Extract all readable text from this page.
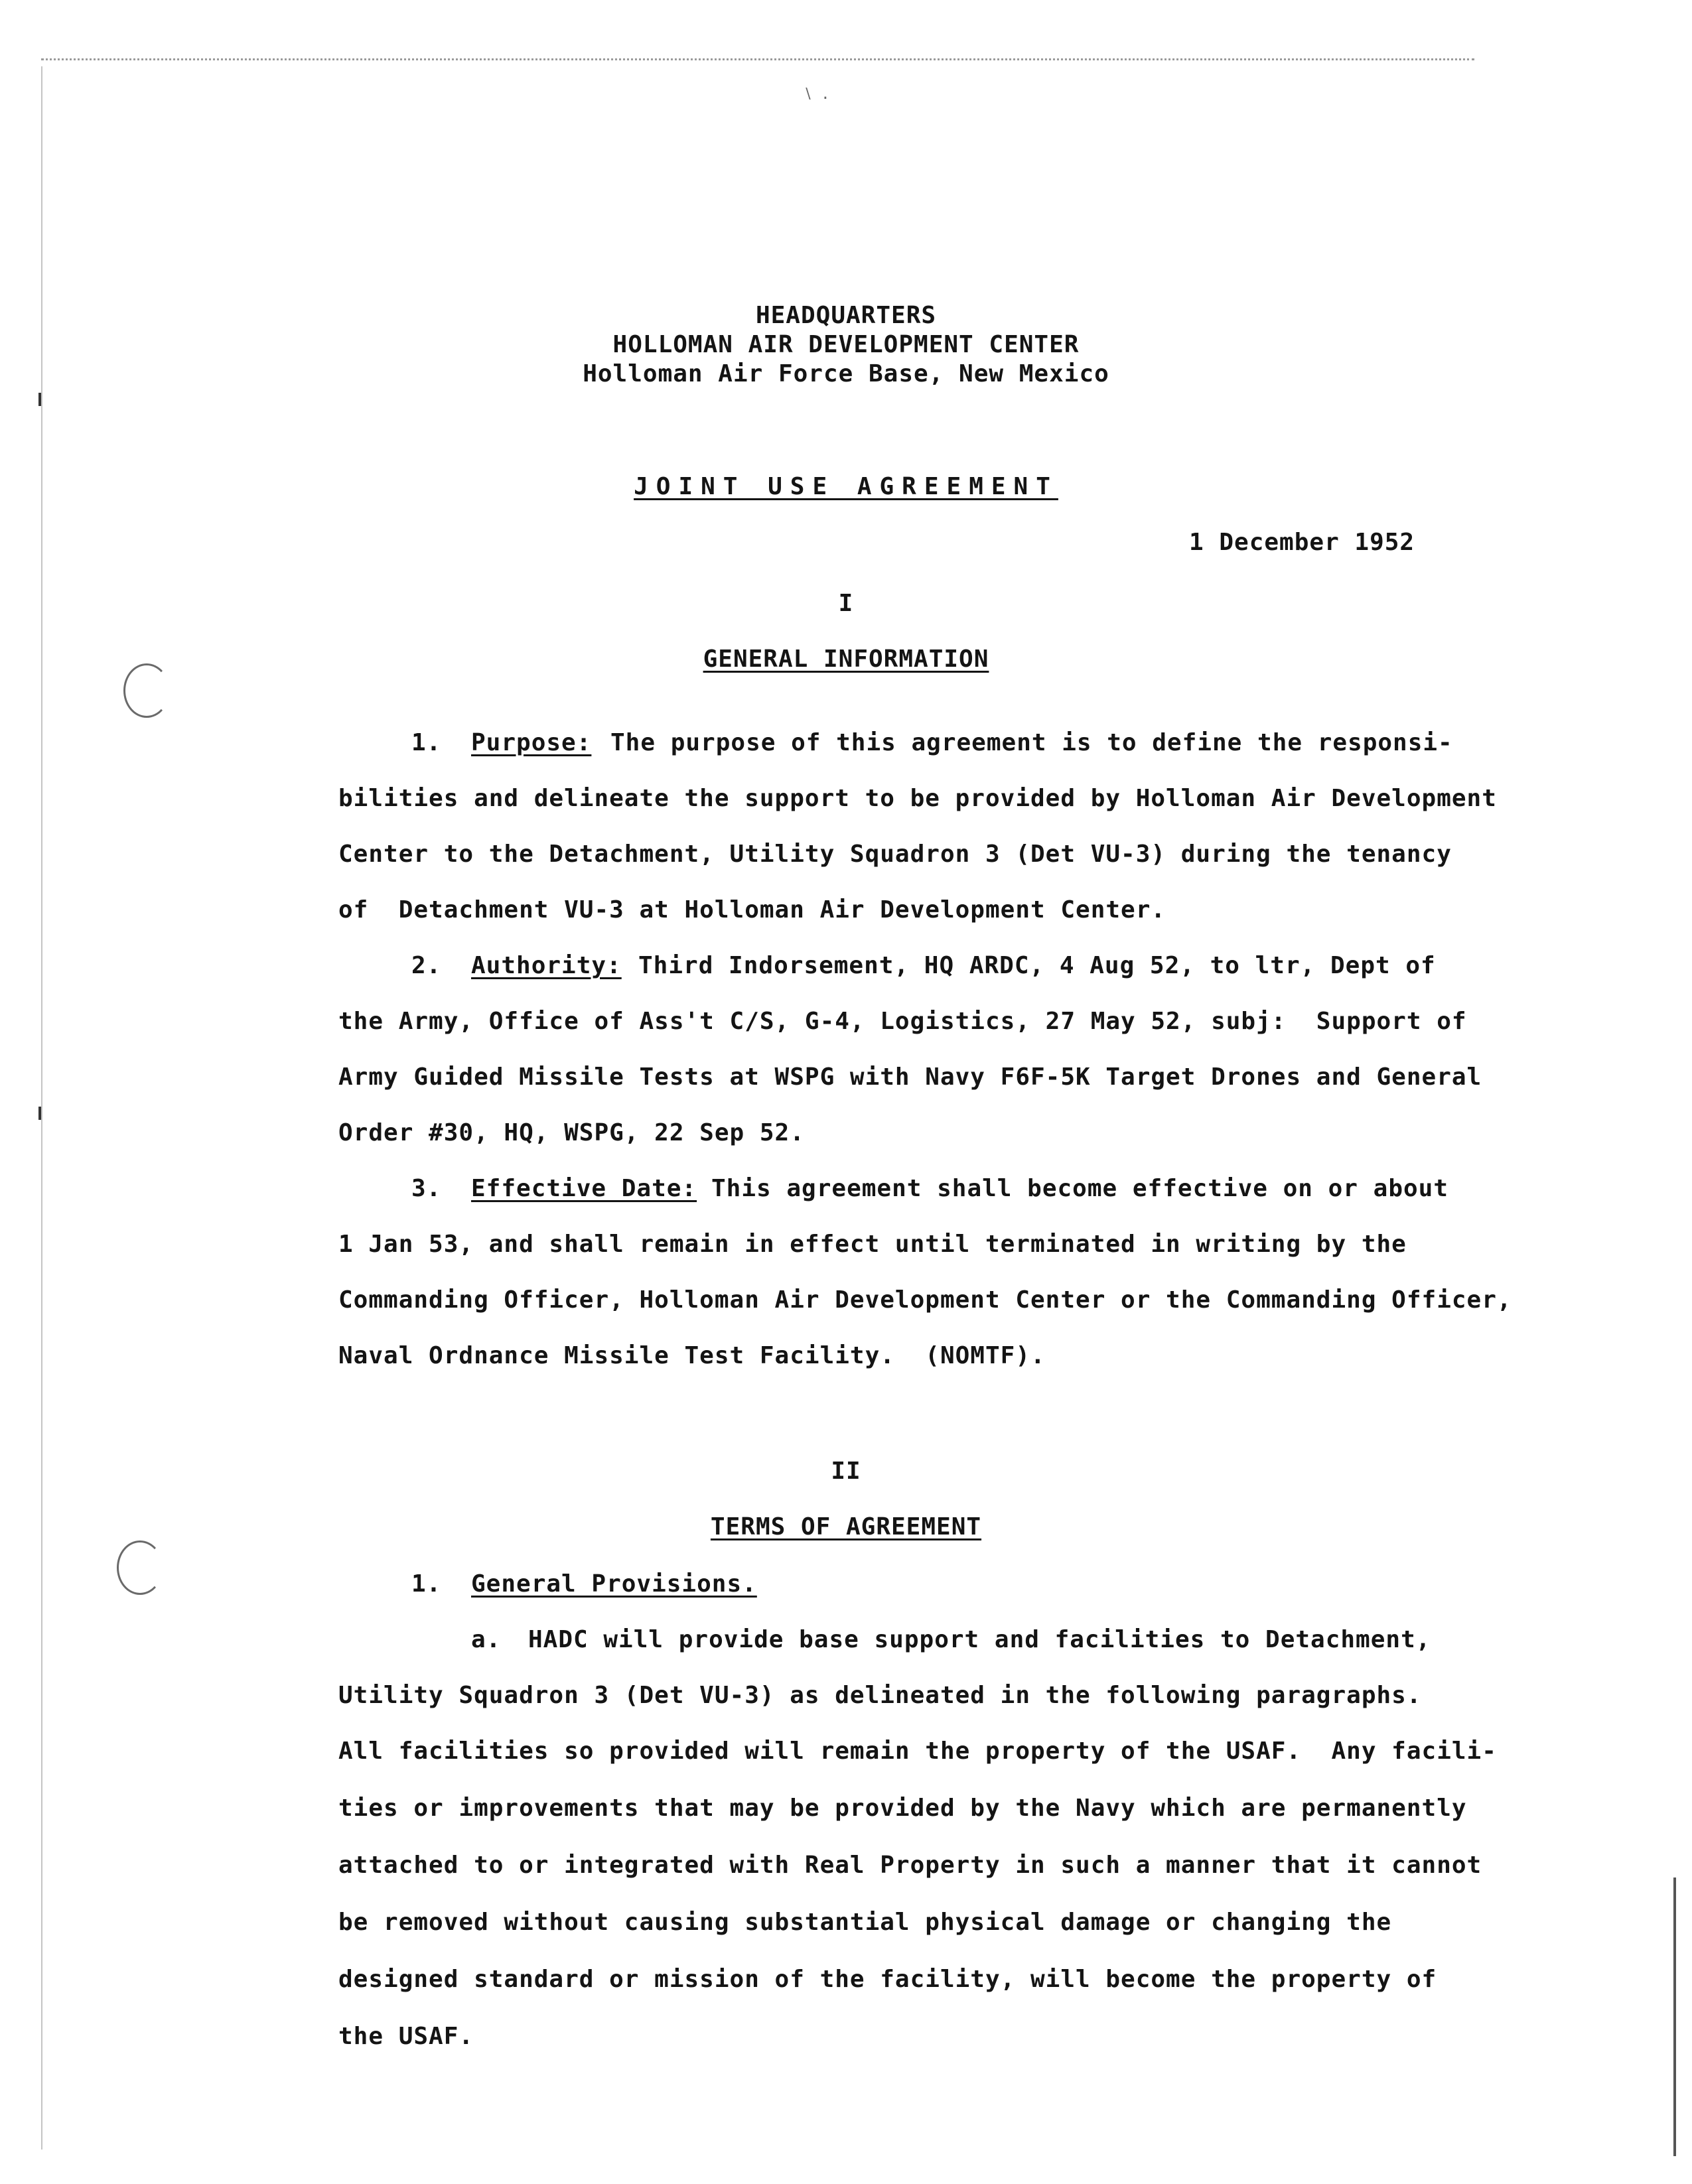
∖ .
HEADQUARTERS
HOLLOMAN AIR DEVELOPMENT CENTER
Holloman Air Force Base, New Mexico
JOINT USE AGREEMENT
1 December 1952
I
GENERAL INFORMATION
1. Purpose: The purpose of this agreement is to define the responsi-
bilities and delineate the support to be provided by Holloman Air Development
Center to the Detachment, Utility Squadron 3 (Det VU-3) during the tenancy
of  Detachment VU-3 at Holloman Air Development Center.
2. Authority: Third Indorsement, HQ ARDC, 4 Aug 52, to ltr, Dept of
the Army, Office of Ass't C/S, G-4, Logistics, 27 May 52, subj:  Support of
Army Guided Missile Tests at WSPG with Navy F6F-5K Target Drones and General
Order #30, HQ, WSPG, 22 Sep 52.
3. Effective Date: This agreement shall become effective on or about
1 Jan 53, and shall remain in effect until terminated in writing by the
Commanding Officer, Holloman Air Development Center or the Commanding Officer,
Naval Ordnance Missile Test Facility.  (NOMTF).
II
TERMS OF AGREEMENT
1. General Provisions.
a. HADC will provide base support and facilities to Detachment,
Utility Squadron 3 (Det VU-3) as delineated in the following paragraphs.
All facilities so provided will remain the property of the USAF.  Any facili-
ties or improvements that may be provided by the Navy which are permanently
attached to or integrated with Real Property in such a manner that it cannot
be removed without causing substantial physical damage or changing the
designed standard or mission of the facility, will become the property of
the USAF.
